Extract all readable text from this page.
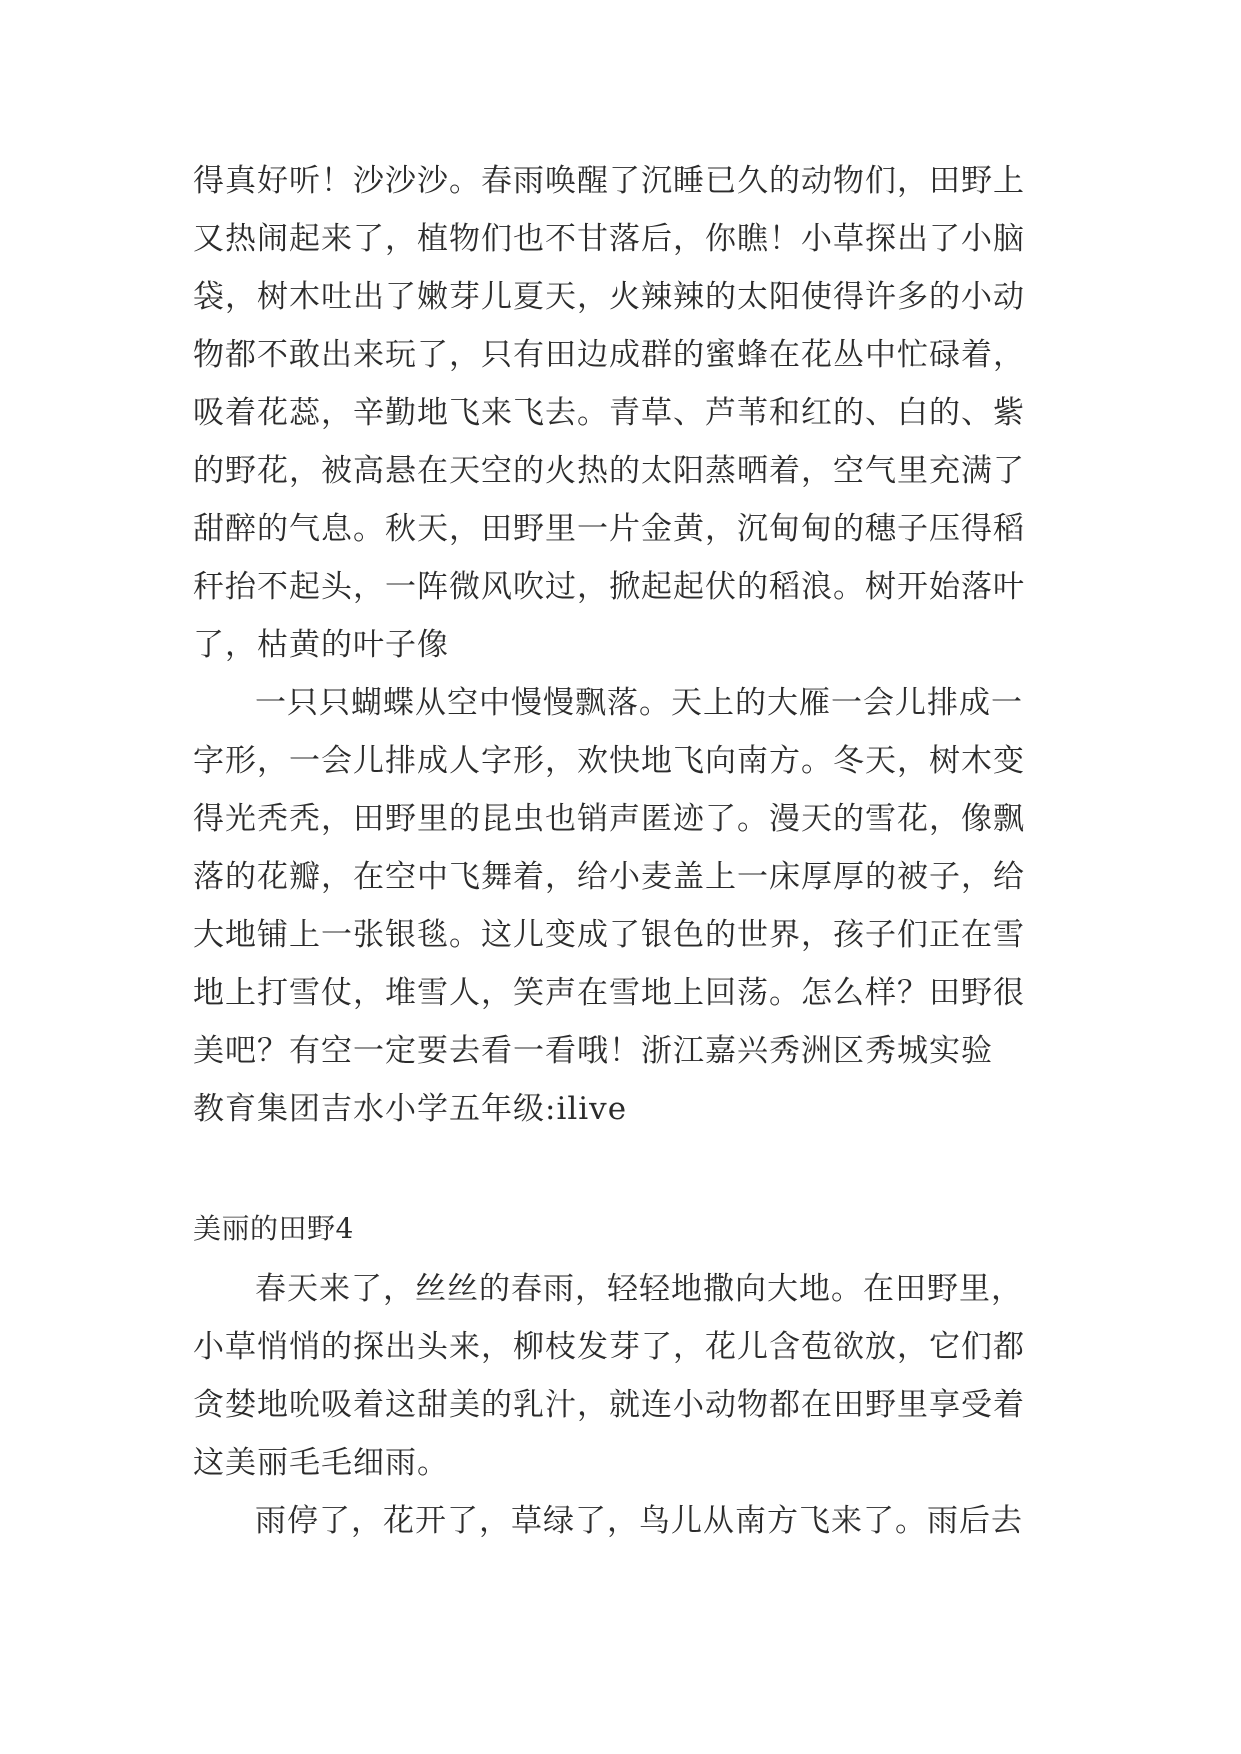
得真好听！沙沙沙。春雨唤醒了沉睡已久的动物们，田野上
又热闹起来了，植物们也不甘落后，你瞧！小草探出了小脑
袋，树木吐出了嫩芽儿夏天，火辣辣的太阳使得许多的小动
物都不敢出来玩了，只有田边成群的蜜蜂在花丛中忙碌着，
吸着花蕊，辛勤地飞来飞去。青草、芦苇和红的、白的、紫
的野花，被高悬在天空的火热的太阳蒸晒着，空气里充满了
甜醉的气息。秋天，田野里一片金黄，沉甸甸的穗子压得稻
秆抬不起头，一阵微风吹过，掀起起伏的稻浪。树开始落叶
了，枯黄的叶子像
一只只蝴蝶从空中慢慢飘落。天上的大雁一会儿排成一
字形，一会儿排成人字形，欢快地飞向南方。冬天，树木变
得光秃秃，田野里的昆虫也销声匿迹了。漫天的雪花，像飘
落的花瓣，在空中飞舞着，给小麦盖上一床厚厚的被子，给
大地铺上一张银毯。这儿变成了银色的世界，孩子们正在雪
地上打雪仗，堆雪人，笑声在雪地上回荡。怎么样？田野很
美吧？有空一定要去看一看哦！浙江嘉兴秀洲区秀城实验
教育集团吉水小学五年级:ilive
美丽的田野4
春天来了，丝丝的春雨，轻轻地撒向大地。在田野里，
小草悄悄的探出头来，柳枝发芽了，花儿含苞欲放，它们都
贪婪地吮吸着这甜美的乳汁，就连小动物都在田野里享受着
这美丽毛毛细雨。
雨停了，花开了，草绿了，鸟儿从南方飞来了。雨后去
